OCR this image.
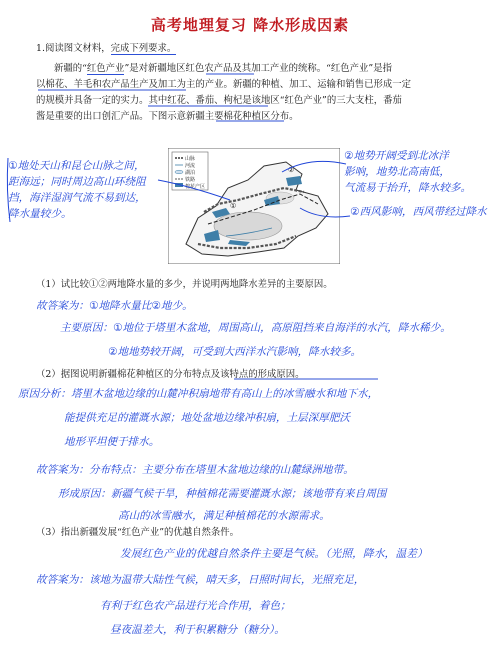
高考地理复习 降水形成因素
1.阅读图文材料，完成下列要求。
新疆的“红色产业”是对新疆地区红色农产品及其加工产业的统称。“红色产业”是指
以棉花、羊毛和农产品生产及加工为主的产业。新疆的种植、加工、运输和销售已形成一定
的规模并具备一定的实力。其中红花、番茄、枸杞是该地区“红色产业”的三大支柱，番茄
酱是重要的出口创汇产品。下图示意新疆主要棉花种植区分布。
①
②
山脉
河流
湖泊
铁路
棉花产区
①地处天山和昆仑山脉之间，
距海远；同时周边高山环绕阻
挡，海洋湿润气流不易到达，
降水量较少。
②地势开阔受到北冰洋
影响，地势北高南低，
气流易于抬升，降水较多。
②西风影响，西风带经过降水
（1）试比较①②两地降水量的多少，并说明两地降水差异的主要原因。
故答案为：①地降水量比②地少。
主要原因：①地位于塔里木盆地，周围高山，高原阻挡来自海洋的水汽，降水稀少。
②地地势较开阔，可受到大西洋水汽影响，降水较多。
（2）据图说明新疆棉花种植区的分布特点及该特点的形成原因。
原因分析：塔里木盆地边缘的山麓冲积扇地带有高山上的冰雪融水和地下水，
能提供充足的灌溉水源；地处盆地边缘冲积扇，土层深厚肥沃
地形平坦便于排水。
故答案为：分布特点：主要分布在塔里木盆地边缘的山麓绿洲地带。
形成原因：新疆气候干旱，种植棉花需要灌溉水源；该地带有来自周围
高山的冰雪融水，满足种植棉花的水源需求。
（3）指出新疆发展“红色产业”的优越自然条件。
发展红色产业的优越自然条件主要是气候。（光照，降水，温差）
故答案为：该地为温带大陆性气候，晴天多，日照时间长，光照充足，
有利于红色农产品进行光合作用，着色；
昼夜温差大，利于积累糖分（糖分）。
